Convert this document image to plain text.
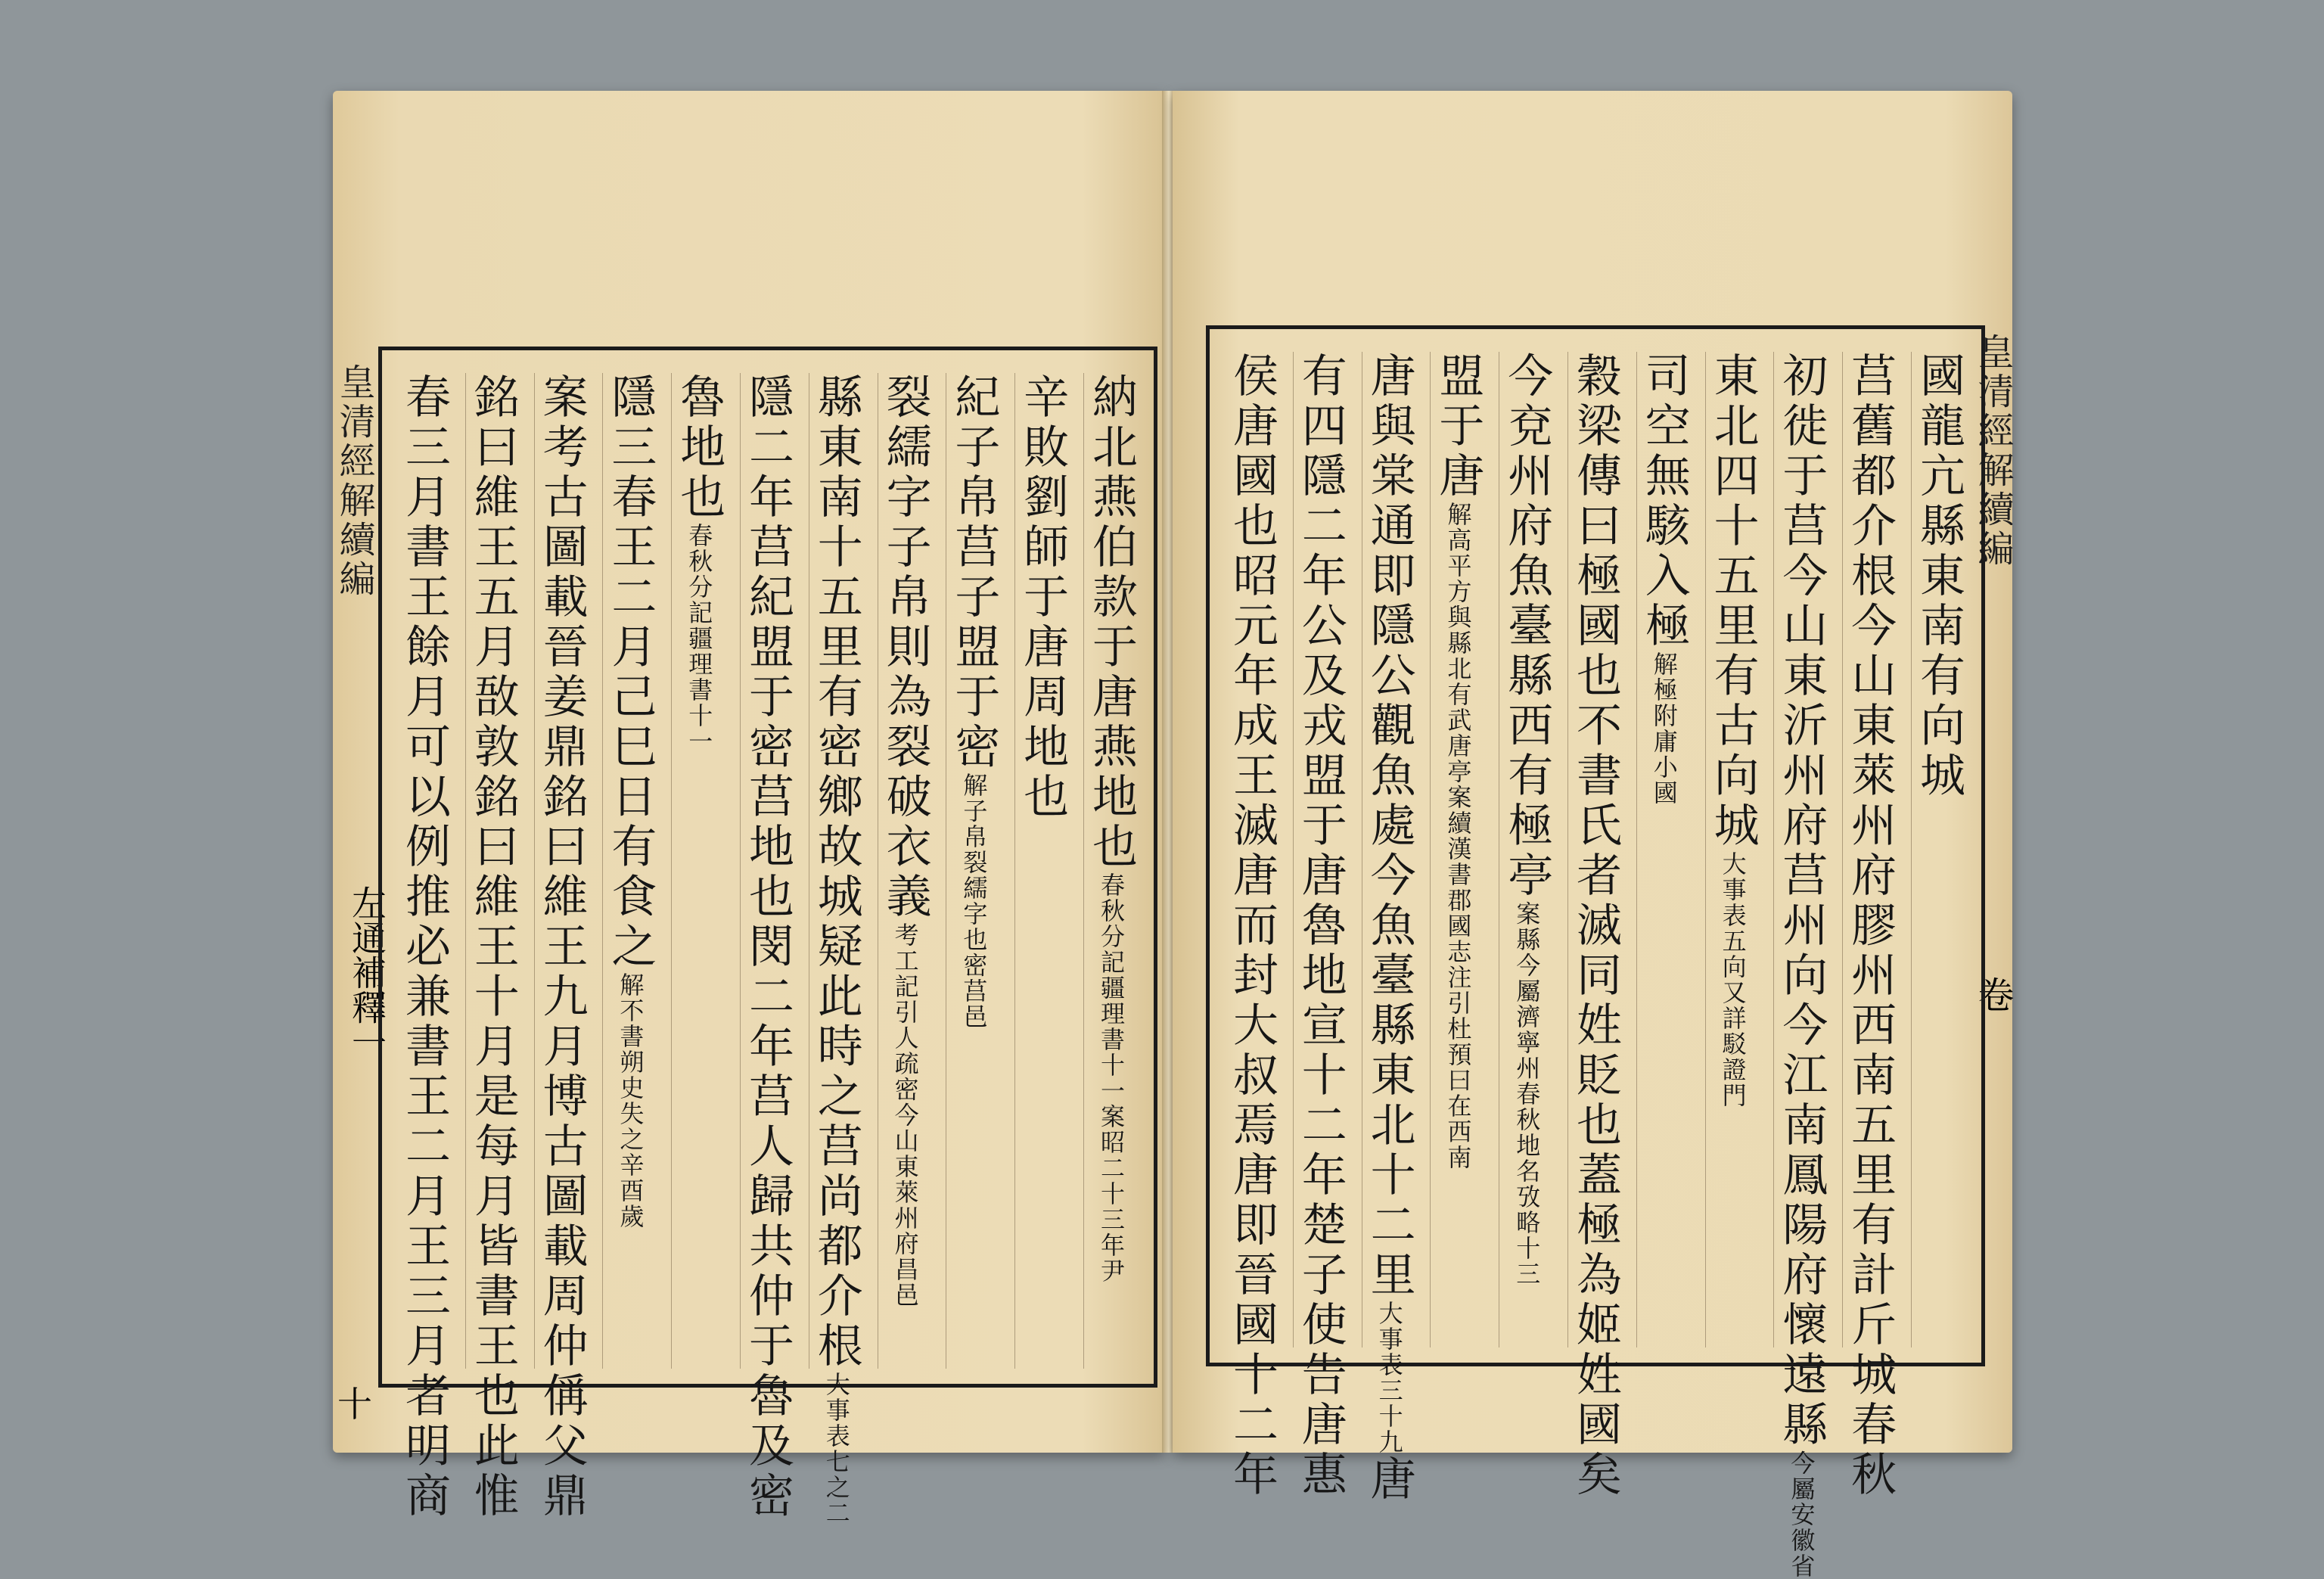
皇清經解續編
左通補釋一
納北燕伯款于唐燕地也春秋分記疆理書十一案昭二十三年尹
辛敗劉師于唐周地也
紀子帛莒子盟于密解子帛裂繻字也密莒邑
裂繻字子帛則為裂破衣義考工記引人疏密今山東萊州府昌邑
縣東南十五里有密鄉故城疑此時之莒尚都介根大事表七之二
隱二年莒紀盟于密莒地也閔二年莒人歸共仲于魯及密
魯地也春秋分記疆理書十一
隱三春王二月己巳日有食之解不書朔史失之辛酉歲
案考古圖載晉姜鼎銘曰維王九月博古圖載周仲偁父鼎
銘曰維王五月敔敦銘曰維王十月是每月皆書王也此惟
春三月書王餘月可以例推必兼書王二月王三月者明商
十
皇清經解續編
卷
國龍亢縣東南有向城
莒舊都介根今山東萊州府膠州西南五里有計斤城春秋
初徙于莒今山東沂州府莒州向今江南鳳陽府懷遠縣今屬安徽省
東北四十五里有古向城大事表五向又詳駁證門
司空無駭入極解極附庸小國
穀梁傳曰極國也不書氏者滅同姓貶也蓋極為姬姓國矣
今兗州府魚臺縣西有極亭案縣今屬濟寧州春秋地名攷略十三
盟于唐解高平方與縣北有武唐亭案續漢書郡國志注引杜預曰在西南
唐與棠通即隱公觀魚處今魚臺縣東北十二里大事表三十九唐
有四隱二年公及戎盟于唐魯地宣十二年楚子使告唐惠
侯唐國也昭元年成王滅唐而封大叔焉唐即晉國十二年
